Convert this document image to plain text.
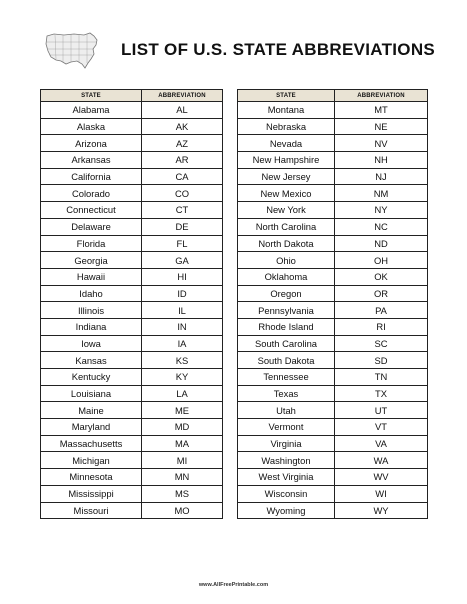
LIST OF U.S. STATE ABBREVIATIONS
STATE	ABBREVIATION
Alabama	AL
Alaska	AK
Arizona	AZ
Arkansas	AR
California	CA
Colorado	CO
Connecticut	CT
Delaware	DE
Florida	FL
Georgia	GA
Hawaii	HI
Idaho	ID
Illinois	IL
Indiana	IN
Iowa	IA
Kansas	KS
Kentucky	KY
Louisiana	LA
Maine	ME
Maryland	MD
Massachusetts	MA
Michigan	MI
Minnesota	MN
Mississippi	MS
Missouri	MO
STATE	ABBREVIATION
Montana	MT
Nebraska	NE
Nevada	NV
New Hampshire	NH
New Jersey	NJ
New Mexico	NM
New York	NY
North Carolina	NC
North Dakota	ND
Ohio	OH
Oklahoma	OK
Oregon	OR
Pennsylvania	PA
Rhode Island	RI
South Carolina	SC
South Dakota	SD
Tennessee	TN
Texas	TX
Utah	UT
Vermont	VT
Virginia	VA
Washington	WA
West Virginia	WV
Wisconsin	WI
Wyoming	WY
www.AllFreePrintable.com
